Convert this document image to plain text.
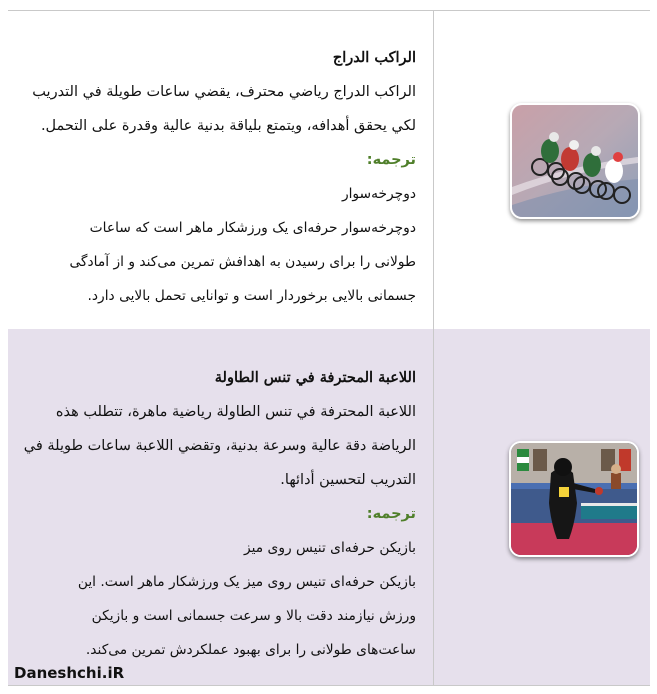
الراكب الدراج
الراكب الدراج رياضي محترف، يقضي ساعات طويلة في التدريب
لكي يحقق أهدافه، ويتمتع بلياقة بدنية عالية وقدرة على التحمل.
ترجمه:
دوچرخه‌سوار
دوچرخه‌سوار حرفه‌ای یک ورزشکار ماهر است که ساعات
طولانی را برای رسیدن به اهدافش تمرین می‌کند و از آمادگی
جسمانی بالایی برخوردار است و توانایی تحمل بالایی دارد.
اللاعبة المحترفة في تنس الطاولة
اللاعبة المحترفة في تنس الطاولة رياضية ماهرة، تتطلب هذه
الرياضة دقة عالية وسرعة بدنية، وتقضي اللاعبة ساعات طويلة في
التدريب لتحسين أدائها.
ترجمه:
بازیکن حرفه‌ای تنیس روی میز
بازیکن حرفه‌ای تنیس روی میز یک ورزشکار ماهر است. این
ورزش نیازمند دقت بالا و سرعت جسمانی است و بازیکن
ساعت‌های طولانی را برای بهبود عملکردش تمرین می‌کند.
Daneshchi.iR
